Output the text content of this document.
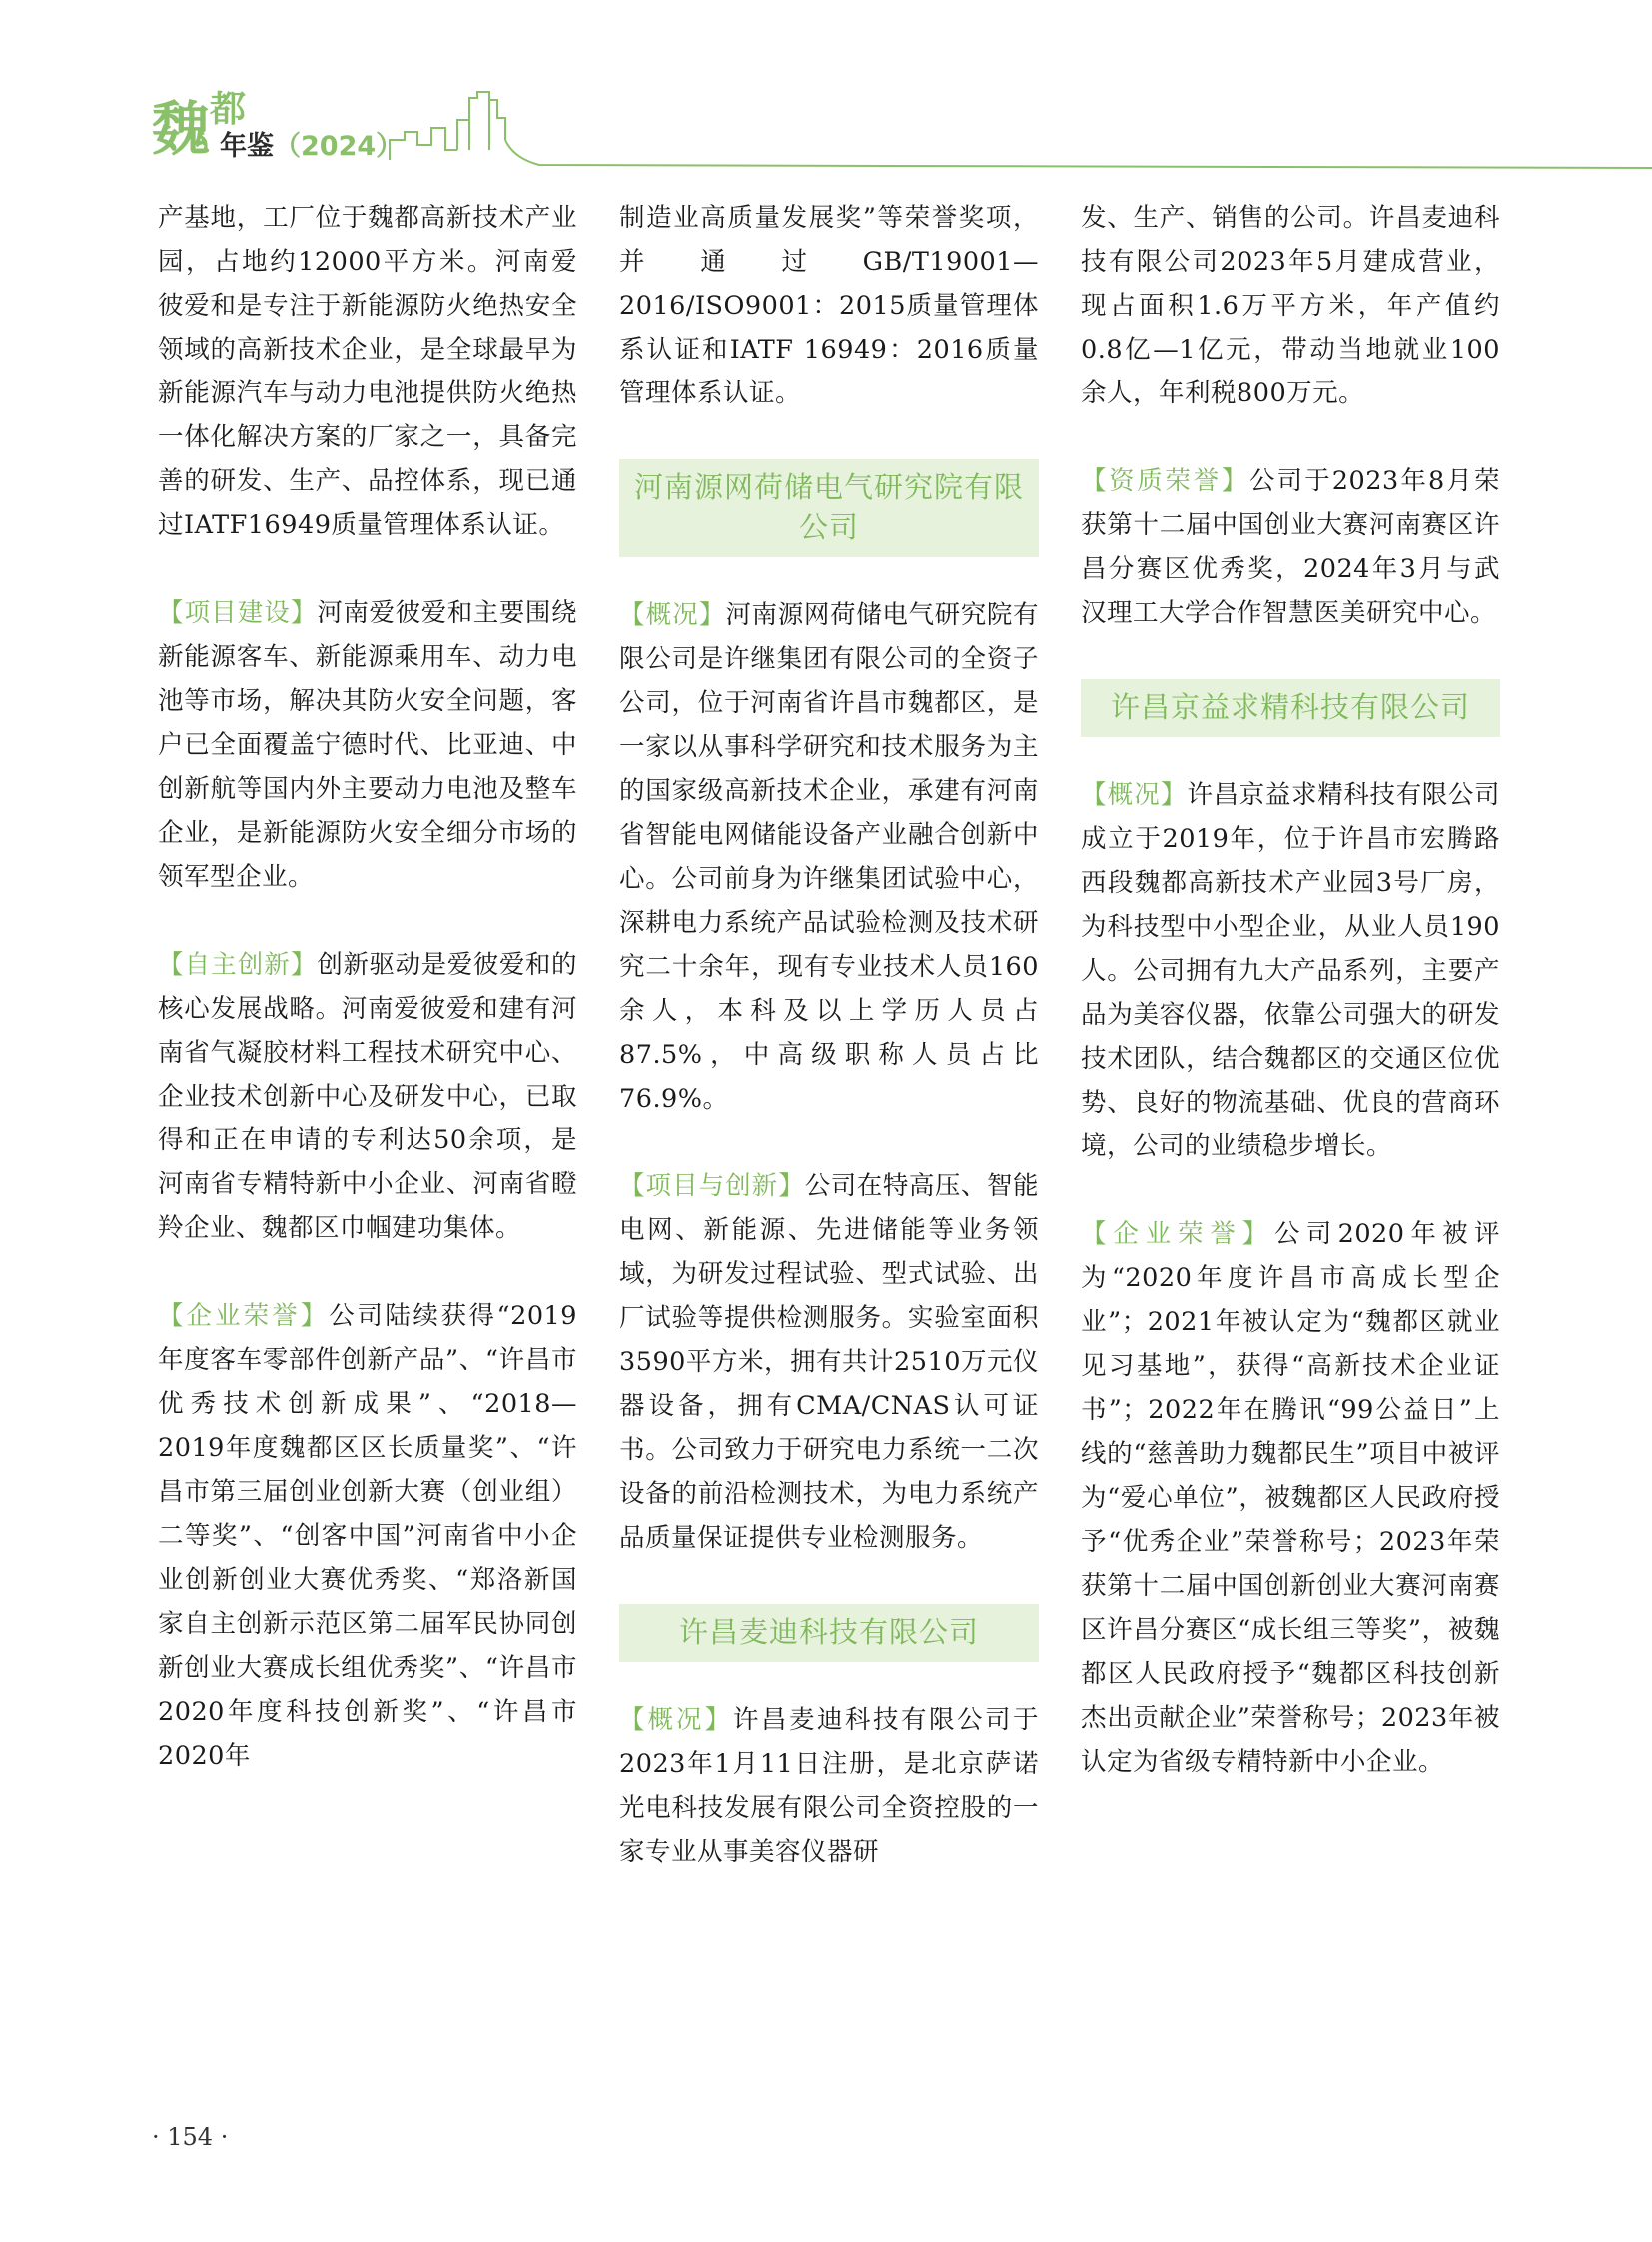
魏 都
年鉴 （2024）

产基地，工厂位于魏都高新技术产业园，占地约12000平方米。河南爱彼爱和是专注于新能源防火绝热安全领域的高新技术企业，是全球最早为新能源汽车与动力电池提供防火绝热一体化解决方案的厂家之一，具备完善的研发、生产、品控体系，现已通过IATF16949质量管理体系认证。

【项目建设】河南爱彼爱和主要围绕新能源客车、新能源乘用车、动力电池等市场，解决其防火安全问题，客户已全面覆盖宁德时代、比亚迪、中创新航等国内外主要动力电池及整车企业，是新能源防火安全细分市场的领军型企业。

【自主创新】创新驱动是爱彼爱和的核心发展战略。河南爱彼爱和建有河南省气凝胶材料工程技术研究中心、企业技术创新中心及研发中心，已取得和正在申请的专利达50余项，是河南省专精特新中小企业、河南省瞪羚企业、魏都区巾帼建功集体。

【企业荣誉】公司陆续获得“2019年度客车零部件创新产品”、“许昌市优秀技术创新成果”、“2018—2019年度魏都区区长质量奖”、“许昌市第三届创业创新大赛（创业组）二等奖”、“创客中国”河南省中小企业创新创业大赛优秀奖、“郑洛新国家自主创新示范区第二届军民协同创新创业大赛成长组优秀奖”、“许昌市2020年度科技创新奖”、“许昌市2020年

制造业高质量发展奖”等荣誉奖项，并通过GB/T19001—2016/ISO9001：2015质量管理体系认证和IATF 16949：2016质量管理体系认证。

河南源网荷储电气研究院有限公司

【概况】河南源网荷储电气研究院有限公司是许继集团有限公司的全资子公司，位于河南省许昌市魏都区，是一家以从事科学研究和技术服务为主的国家级高新技术企业，承建有河南省智能电网储能设备产业融合创新中心。公司前身为许继集团试验中心，深耕电力系统产品试验检测及技术研究二十余年，现有专业技术人员160余人，本科及以上学历人员占87.5%，中高级职称人员占比76.9%。

【项目与创新】公司在特高压、智能电网、新能源、先进储能等业务领域，为研发过程试验、型式试验、出厂试验等提供检测服务。实验室面积3590平方米，拥有共计2510万元仪器设备，拥有CMA/CNAS认可证书。公司致力于研究电力系统一二次设备的前沿检测技术，为电力系统产品质量保证提供专业检测服务。

许昌麦迪科技有限公司

【概况】许昌麦迪科技有限公司于2023年1月11日注册，是北京萨诺光电科技发展有限公司全资控股的一家专业从事美容仪器研

发、生产、销售的公司。许昌麦迪科技有限公司2023年5月建成营业，现占面积1.6万平方米，年产值约0.8亿—1亿元，带动当地就业100余人，年利税800万元。

【资质荣誉】公司于2023年8月荣获第十二届中国创业大赛河南赛区许昌分赛区优秀奖，2024年3月与武汉理工大学合作智慧医美研究中心。

许昌京益求精科技有限公司

【概况】许昌京益求精科技有限公司成立于2019年，位于许昌市宏腾路西段魏都高新技术产业园3号厂房，为科技型中小型企业，从业人员190人。公司拥有九大产品系列，主要产品为美容仪器，依靠公司强大的研发技术团队，结合魏都区的交通区位优势、良好的物流基础、优良的营商环境，公司的业绩稳步增长。

【企业荣誉】公司2020年被评为“2020年度许昌市高成长型企业”；2021年被认定为“魏都区就业见习基地”，获得“高新技术企业证书”；2022年在腾讯“99公益日”上线的“慈善助力魏都民生”项目中被评为“爱心单位”，被魏都区人民政府授予“优秀企业”荣誉称号；2023年荣获第十二届中国创新创业大赛河南赛区许昌分赛区“成长组三等奖”，被魏都区人民政府授予“魏都区科技创新杰出贡献企业”荣誉称号；2023年被认定为省级专精特新中小企业。

· 154 ·
